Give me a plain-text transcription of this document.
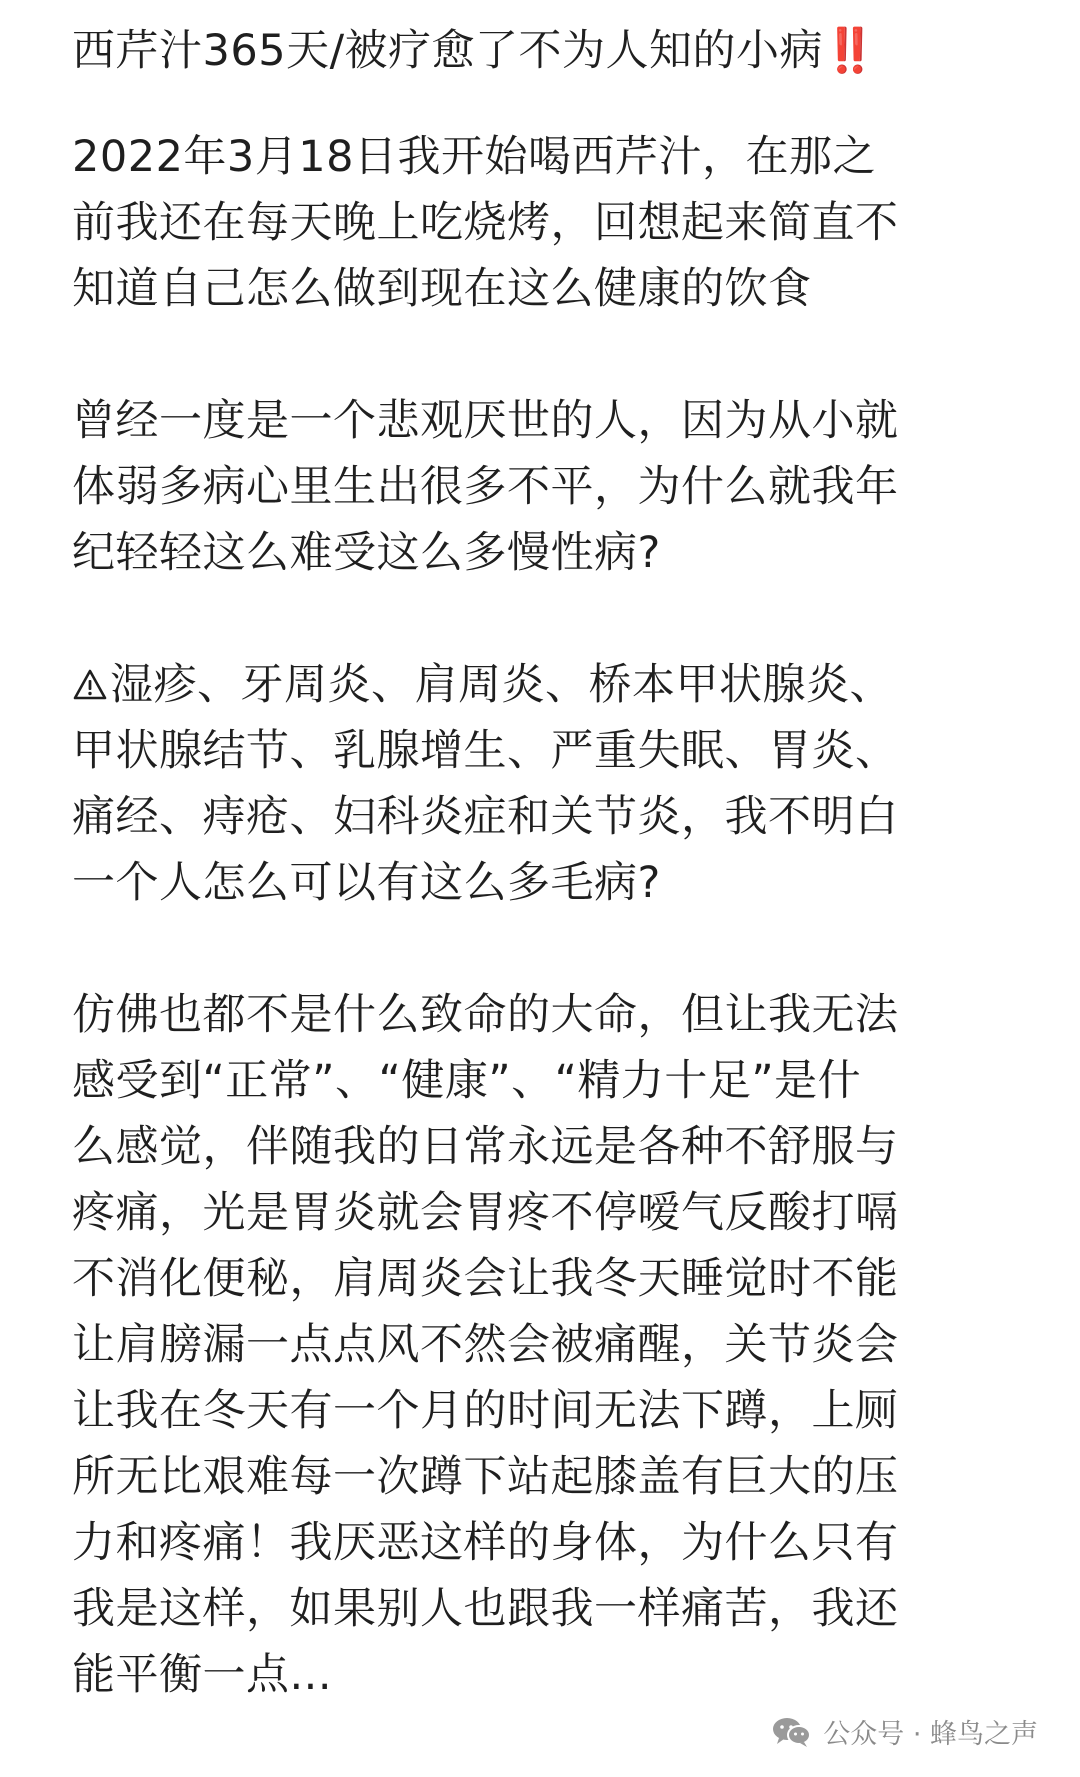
西芹汁365天/被疗愈了不为人知的小病‼️

2022年3月18日我开始喝西芹汁，在那之
前我还在每天晚上吃烧烤，回想起来简直不
知道自己怎么做到现在这么健康的饮食

曾经一度是一个悲观厌世的人，因为从小就
体弱多病心里生出很多不平，为什么就我年
纪轻轻这么难受这么多慢性病?

湿疹、牙周炎、肩周炎、桥本甲状腺炎、
甲状腺结节、乳腺增生、严重失眠、胃炎、
痛经、痔疮、妇科炎症和关节炎，我不明白
一个人怎么可以有这么多毛病?

仿佛也都不是什么致命的大命，但让我无法
感受到“正常”、“健康”、“精力十足”是什
么感觉，伴随我的日常永远是各种不舒服与
疼痛，光是胃炎就会胃疼不停嗳气反酸打嗝
不消化便秘，肩周炎会让我冬天睡觉时不能
让肩膀漏一点点风不然会被痛醒，关节炎会
让我在冬天有一个月的时间无法下蹲，上厕
所无比艰难每一次蹲下站起膝盖有巨大的压
力和疼痛！我厌恶这样的身体，为什么只有
我是这样，如果别人也跟我一样痛苦，我还
能平衡一点...

公众号 · 蜂鸟之声
